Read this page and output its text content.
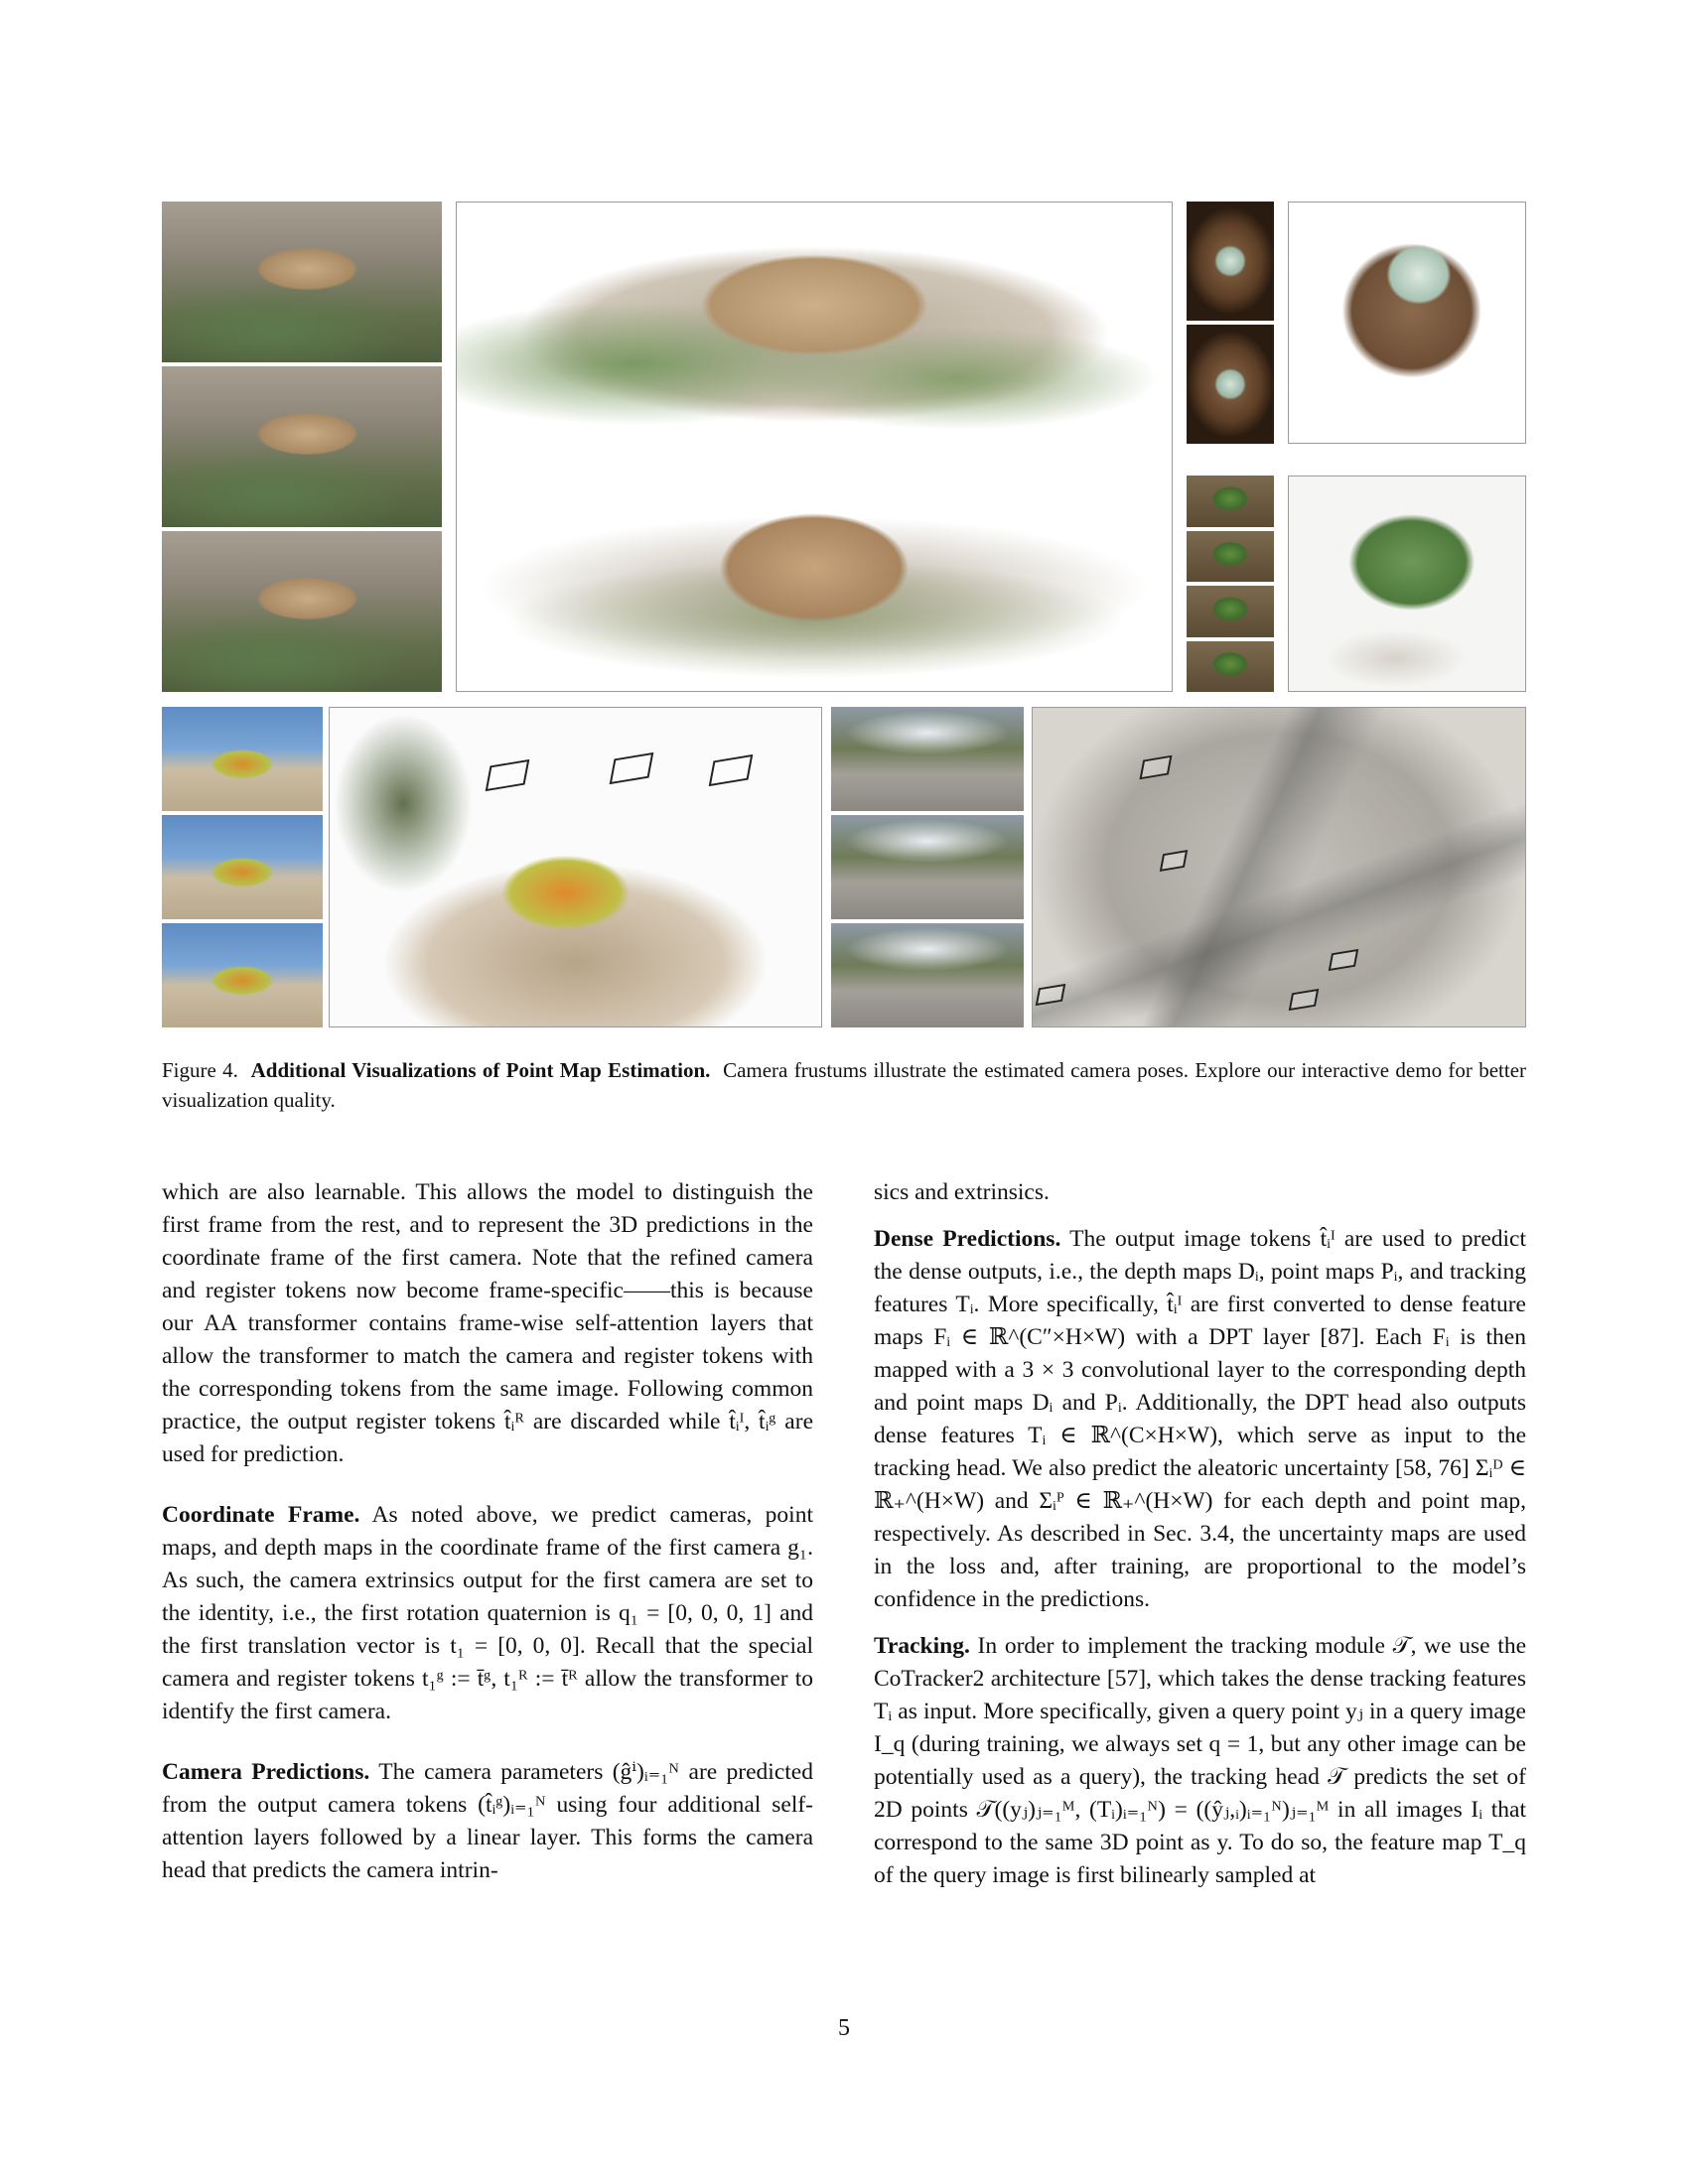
Figure 4. Additional Visualizations of Point Map Estimation. Camera frustums illustrate the estimated camera poses. Explore our interactive demo for better visualization quality.

which are also learnable. This allows the model to distinguish the first frame from the rest, and to represent the 3D predictions in the coordinate frame of the first camera. Note that the refined camera and register tokens now become frame-specific——this is because our AA transformer contains frame-wise self-attention layers that allow the transformer to match the camera and register tokens with the corresponding tokens from the same image. Following common practice, the output register tokens t̂ᵢᴿ are discarded while t̂ᵢᴵ, t̂ᵢᵍ are used for prediction.

Coordinate Frame. As noted above, we predict cameras, point maps, and depth maps in the coordinate frame of the first camera g₁. As such, the camera extrinsics output for the first camera are set to the identity, i.e., the first rotation quaternion is q₁ = [0, 0, 0, 1] and the first translation vector is t₁ = [0, 0, 0]. Recall that the special camera and register tokens t₁ᵍ := t̄ᵍ, t₁ᴿ := t̄ᴿ allow the transformer to identify the first camera.

Camera Predictions. The camera parameters (ĝⁱ)ᵢ₌₁ᴺ are predicted from the output camera tokens (t̂ᵢᵍ)ᵢ₌₁ᴺ using four additional self-attention layers followed by a linear layer. This forms the camera head that predicts the camera intrin-

sics and extrinsics.

Dense Predictions. The output image tokens t̂ᵢᴵ are used to predict the dense outputs, i.e., the depth maps Dᵢ, point maps Pᵢ, and tracking features Tᵢ. More specifically, t̂ᵢᴵ are first converted to dense feature maps Fᵢ ∈ ℝ^(C″×H×W) with a DPT layer [87]. Each Fᵢ is then mapped with a 3 × 3 convolutional layer to the corresponding depth and point maps Dᵢ and Pᵢ. Additionally, the DPT head also outputs dense features Tᵢ ∈ ℝ^(C×H×W), which serve as input to the tracking head. We also predict the aleatoric uncertainty [58, 76] Σᵢᴰ ∈ ℝ₊^(H×W) and Σᵢᴾ ∈ ℝ₊^(H×W) for each depth and point map, respectively. As described in Sec. 3.4, the uncertainty maps are used in the loss and, after training, are proportional to the model’s confidence in the predictions.

Tracking. In order to implement the tracking module 𝒯, we use the CoTracker2 architecture [57], which takes the dense tracking features Tᵢ as input. More specifically, given a query point yⱼ in a query image I_q (during training, we always set q = 1, but any other image can be potentially used as a query), the tracking head 𝒯 predicts the set of 2D points 𝒯((yⱼ)ⱼ₌₁ᴹ, (Tᵢ)ᵢ₌₁ᴺ) = ((ŷⱼ,ᵢ)ᵢ₌₁ᴺ)ⱼ₌₁ᴹ in all images Iᵢ that correspond to the same 3D point as y. To do so, the feature map T_q of the query image is first bilinearly sampled at

5
